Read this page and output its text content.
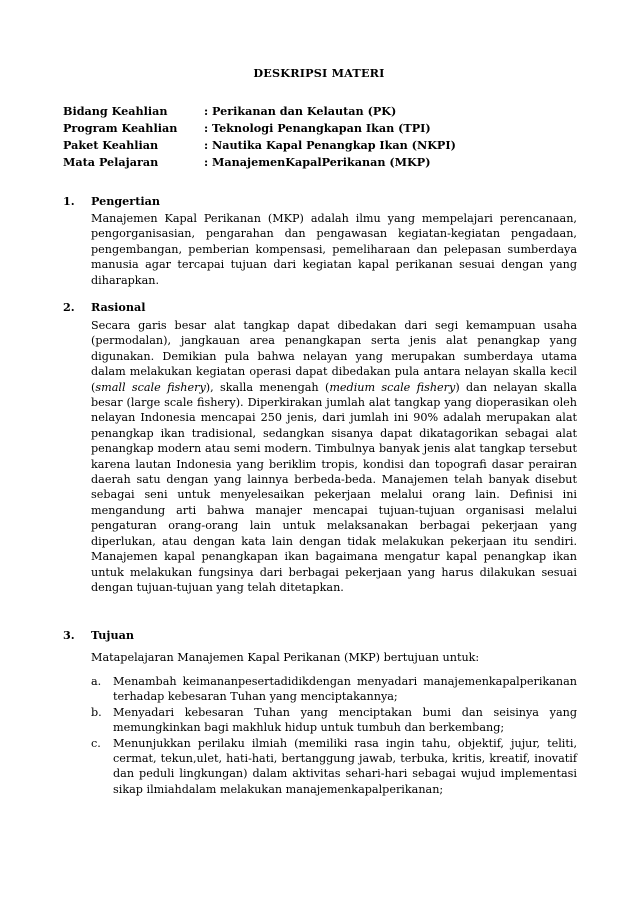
DESKRIPSI MATERI
Bidang Keahlian	: Perikanan dan Kelautan (PK)
Program Keahlian : Teknologi Penangkapan Ikan (TPI)
Paket Keahlian	: Nautika Kapal Penangkap Ikan (NKPI)
Mata Pelajaran	: ManajemenKapalPerikanan (MKP)
1. Pengertian
Manajemen Kapal Perikanan (MKP) adalah ilmu yang mempelajari perencanaan, pengorganisasian, pengarahan dan pengawasan kegiatan-kegiatan pengadaan, pengembangan, pemberian kompensasi, pemeliharaan dan pelepasan sumberdaya manusia agar tercapai tujuan dari kegiatan kapal perikanan sesuai dengan yang diharapkan.
2. Rasional
Secara garis besar alat tangkap dapat dibedakan dari segi kemampuan usaha (permodalan), jangkauan area penangkapan serta jenis alat penangkap yang digunakan. Demikian pula bahwa nelayan yang merupakan sumberdaya utama dalam melakukan kegiatan operasi dapat dibedakan pula antara nelayan skalla kecil (small scale fishery), skalla menengah (medium scale fishery) dan nelayan skalla besar (large scale fishery). Diperkirakan jumlah alat tangkap yang dioperasikan oleh nelayan Indonesia mencapai 250 jenis, dari jumlah ini 90% adalah merupakan alat penangkap ikan tradisional, sedangkan sisanya dapat dikatagorikan sebagai alat penangkap modern atau semi modern. Timbulnya banyak jenis alat tangkap tersebut karena lautan Indonesia yang beriklim tropis, kondisi dan topografi dasar perairan daerah satu dengan yang lainnya berbeda-beda. Manajemen telah banyak disebut sebagai seni untuk menyelesaikan pekerjaan melalui orang lain. Definisi ini mengandung arti bahwa manajer mencapai tujuan-tujuan organisasi melalui pengaturan orang-orang lain untuk melaksanakan berbagai pekerjaan yang diperlukan, atau dengan kata lain dengan tidak melakukan pekerjaan itu sendiri. Manajemen kapal penangkapan ikan bagaimana mengatur kapal penangkap ikan untuk melakukan fungsinya dari berbagai pekerjaan yang harus dilakukan sesuai dengan tujuan-tujuan yang telah ditetapkan.
3. Tujuan
Matapelajaran Manajemen Kapal Perikanan (MKP) bertujuan untuk:
a.	Menambah keimananpesertadidikdengan menyadari manajemenkapalperikanan terhadap kebesaran Tuhan yang menciptakannya;
b.	Menyadari kebesaran Tuhan yang menciptakan bumi dan seisinya yang memungkinkan bagi makhluk hidup untuk tumbuh dan berkembang;
c.	Menunjukkan perilaku ilmiah (memiliki rasa ingin tahu, objektif, jujur, teliti, cermat, tekun,ulet, hati-hati, bertanggung jawab, terbuka, kritis, kreatif, inovatif dan peduli lingkungan) dalam aktivitas sehari-hari sebagai wujud implementasi sikap ilmiahdalam melakukan manajemenkapalperikanan;
